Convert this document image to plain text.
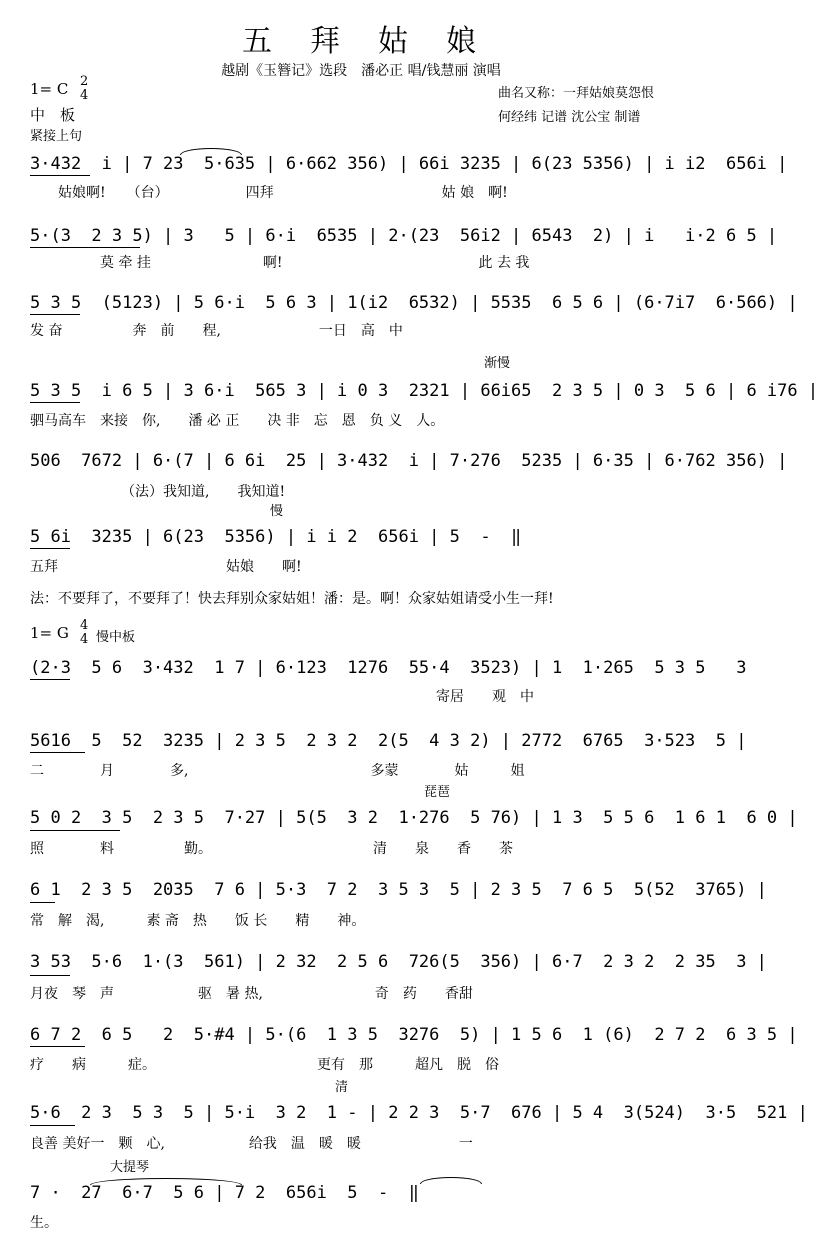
五　拜　姑　娘
越剧《玉簪记》选段　潘必正 唱/钱慧丽 演唱
1= C 2
4
中　板
紧接上句
曲名又称：一拜姑娘莫怨恨
何经纬 记谱 沈公宝 制谱
3·432  i | 7 23  5·635 | 6·662 356) | 66i 3235 | 6(23 5356) | i i2  656i |
　　姑娘啊!　　（台）　　　　　　四拜　　　　　　　　　　　　姑 娘　啊!
5·(3  2 3 5) | 3   5 | 6·i  6535 | 2·(23  56i2 | 6543  2) | i   i·2 6 5 |
　　　　　莫 牵 挂　　　　　　　　啊!　　　　　　　　　　　　　　此 去 我
5 3 5  (5123) | 5 6·i  5 6 3 | 1(i2  6532) | 5535  6 5 6 | (6·7i7  6·566) |
发 奋　　　　　奔　前　　程,　　　　　　　一日　高　中
渐慢
5 3 5  i 6 5 | 3 6·i  565 3 | i 0 3  2321 | 66i65  2 3 5 | 0 3  5 6 | 6 i76 |
驷马高车　来接　你,　　潘 必 正　　决 非　忘　恩　负 义　人。
506  7672 | 6·(7 | 6 6i  25 | 3·432  i | 7·276  5235 | 6·35 | 6·762 356) |
　　　　　　　（法）我知道,　　我知道!
慢
5 6i  3235 | 6(23  5356) | i i 2  656i | 5  -  ‖
五拜　　　　　　　　　　　　姑娘　　啊!
法：不要拜了，不要拜了！快去拜别众家姑姐！潘：是。啊！众家姑姐请受小生一拜!
1= G 4
4 慢中板
(2·3  5 6  3·432  1 7 | 6·123  1276  55·4  3523) | 1  1·265  5 3 5   3
　　　　　　　　　　　　　　　　　　　　　　　　　　　　　寄居　　观　中
5616  5  52  3235 | 2 3 5  2 3 2  2(5  4 3 2) | 2772  6765  3·523  5 |
二　　　　月　　　　多,　　　　　　　　　　　　　多蒙　　　　姑　　　姐
琵琶
5 0 2  3 5  2 3 5  7·27 | 5(5  3 2  1·276  5 76) | 1 3  5 5 6  1 6 1  6 0 |
照　　　　料　　　　　勤。　　　　　　　　　　　　清　　泉　　香　　茶
6 1  2 3 5  2035  7 6 | 5·3  7 2  3 5 3  5 | 2 3 5  7 6 5  5(52  3765) |
常　解　渴,　　　素 斋　热　　饭 长　　精　　神。
3 53  5·6  1·(3  561) | 2 32  2 5 6  726(5  356) | 6·7  2 3 2  2 35  3 |
月夜　琴　声　　　　　　驱　暑 热,　　　　　　　　奇　药　　香甜
6 7 2  6 5   2  5·#4 | 5·(6  1 3 5  3276  5) | 1 5 6  1 (6)  2 7 2  6 3 5 |
疗　　病　　　症。　　　　　　　　　　　　更有　那　　　超凡　脱　俗
清
5·6  2 3  5 3  5 | 5·i  3 2  1 - | 2 2 3  5·7  676 | 5 4  3(524)  3·5  521 |
良善 美好一　颗　心,　　　　　　给我　温　暖　暖　　　　　　　一
大提琴
7 ·  27  6·7  5 6 | 7 2  656i  5  -  ‖
生。
